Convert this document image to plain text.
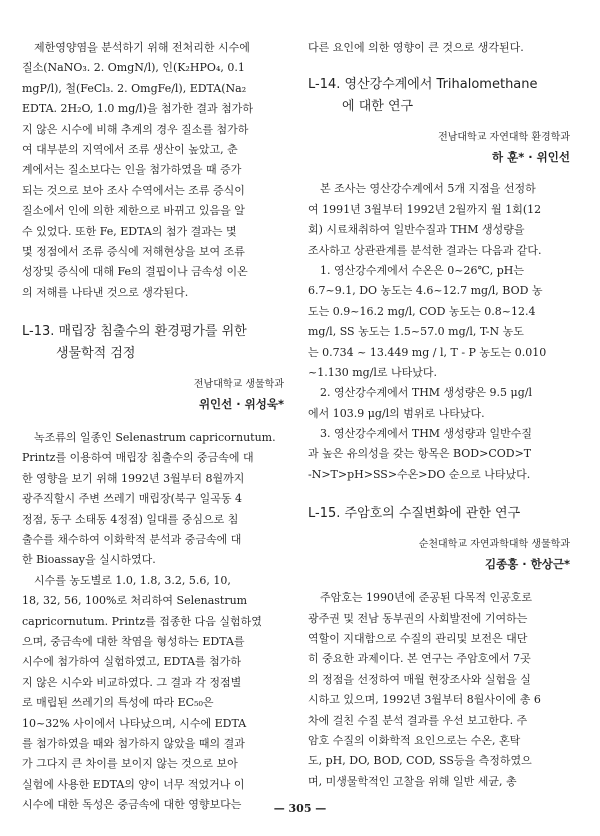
제한영양염을 분석하기 위해 전처리한 시수에
질소(NaNO₃. 2. OmgN/l), 인(K₂HPO₄, 0.1
mgP/l), 철(FeCl₃. 2. OmgFe/l), EDTA(Na₂
EDTA. 2H₂O, 1.0 mg/l)을 첨가한 결과 첨가하
지 않은 시수에 비해 추계의 경우 질소를 첨가하
여 대부분의 지역에서 조류 생산이 높았고, 춘
계에서는 질소보다는 인을 첨가하였을 때 증가
되는 것으로 보아 조사 수역에서는 조류 증식이
질소에서 인에 의한 제한으로 바뀌고 있음을 알
수 있었다. 또한 Fe, EDTA의 첨가 결과는 몇
몇 정점에서 조류 증식에 저해현상을 보여 조류
성장및 증식에 대해 Fe의 결핍이나 금속성 이온
의 저해를 나타낸 것으로 생각된다.
L-13. 매립장 침출수의 환경평가를 위한
생물학적 검정
전남대학교 생물학과
위인선 · 위성욱*
녹조류의 일종인 Selenastrum capricornutum.
Printz를 이용하여 매립장 침출수의 중금속에 대
한 영향을 보기 위해 1992년 3월부터 8월까지
광주직할시 주변 쓰레기 매립장(북구 일곡동 4
정점, 동구 소태동 4정점) 일대를 중심으로 침
출수를 채수하여 이화학적 분석과 중금속에 대
한 Bioassay을 실시하였다.
시수를 농도별로 1.0, 1.8, 3.2, 5.6, 10,
18, 32, 56, 100%로 처리하여 Selenastrum
capricornutum. Printz를 접종한 다음 실험하였
으며, 중금속에 대한 착염을 형성하는 EDTA를
시수에 첨가하여 실험하였고, EDTA를 첨가하
지 않은 시수와 비교하였다. 그 결과 각 정점별
로 매립된 쓰레기의 특성에 따라 EC₅₀은
10~32% 사이에서 나타났으며, 시수에 EDTA
를 첨가하였을 때와 첨가하지 않았을 때의 결과
가 그다지 큰 차이를 보이지 않는 것으로 보아
실험에 사용한 EDTA의 양이 너무 적었거나 이
시수에 대한 독성은 중금속에 대한 영향보다는
다른 요인에 의한 영향이 큰 것으로 생각된다.
L-14. 영산강수계에서 Trihalomethane
에 대한 연구
전남대학교 자연대학 환경학과
하 훈* · 위인선
본 조사는 영산강수계에서 5개 지점을 선정하
여 1991년 3월부터 1992년 2월까지 월 1회(12
회) 시료채취하여 일반수질과 THM 생성량을
조사하고 상관관계를 분석한 결과는 다음과 같다.
1. 영산강수계에서 수온은 0~26℃, pH는
6.7~9.1, DO 농도는 4.6~12.7 mg/l, BOD 농
도는 0.9~16.2 mg/l, COD 농도는 0.8~12.4
mg/l, SS 농도는 1.5~57.0 mg/l, T-N 농도
는 0.734 ~ 13.449 mg / l, T - P 농도는 0.010
~1.130 mg/l로 나타났다.
2. 영산강수계에서 THM 생성량은 9.5 μg/l
에서 103.9 μg/l의 범위로 나타났다.
3. 영산강수계에서 THM 생성량과 일반수질
과 높은 유의성을 갖는 항목은 BOD>COD>T
-N>T>pH>SS>수온>DO 순으로 나타났다.
L-15. 주암호의 수질변화에 관한 연구
순천대학교 자연과학대학 생물학과
김종홍 · 한상근*
주암호는 1990년에 준공된 다목적 인공호로
광주권 및 전남 동부권의 사회발전에 기여하는
역할이 지대함으로 수질의 관리및 보전은 대단
히 중요한 과제이다. 본 연구는 주암호에서 7곳
의 정점을 선정하여 매월 현장조사와 실험을 실
시하고 있으며, 1992년 3월부터 8월사이에 총 6
차에 걸친 수질 분석 결과를 우선 보고한다. 주
암호 수질의 이화학적 요인으로는 수온, 혼탁
도, pH, DO, BOD, COD, SS등을 측정하였으
며, 미생물학적인 고찰을 위해 일반 세균, 총
— 305 —
